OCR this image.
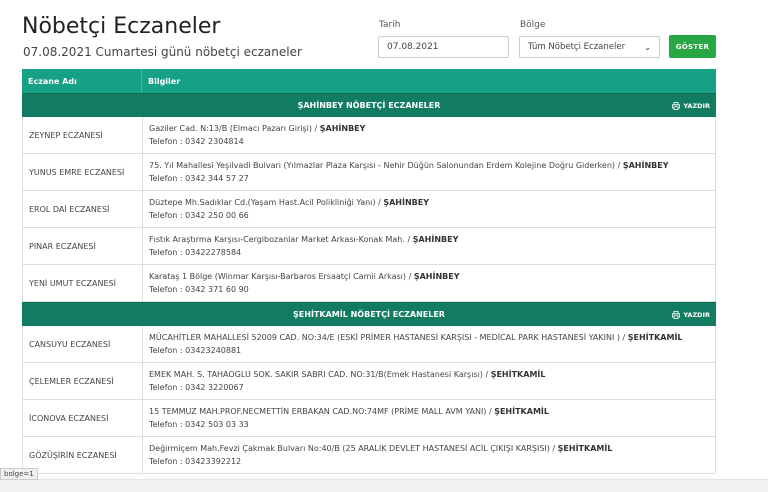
Nöbetçi Eczaneler
07.08.2021 Cumartesi günü nöbetçi eczaneler
Tarih
07.08.2021	Bölge
Tüm Nöbetçi Eczaneler ⌄	GÖSTER
Eczane Adı	Bilgiler
ŞAHİNBEY NÖBETÇİ ECZANELER	YAZDIR
ZEYNEP ECZANESİ
Gaziler Cad. N:13/B (Elmacı Pazarı Girişi) / ŞAHİNBEY
Telefon : 0342 2304814
YUNUS EMRE ECZANESİ
75. Yıl Mahallesi Yeşilvadi Bulvarı (Yılmazlar Plaza Karşısı - Nehir Düğün Salonundan Erdem Kolejine Doğru Giderken) / ŞAHİNBEY
Telefon : 0342 344 57 27
EROL DAİ ECZANESİ
Düztepe Mh.Sadıklar Cd.(Yaşam Hast.Acil Polikliniği Yanı) / ŞAHİNBEY
Telefon : 0342 250 00 66
PINAR ECZANESİ
Fıstık Araştırma Karşısı-Cergibozanlar Market Arkası-Konak Mah. / ŞAHİNBEY
Telefon : 03422278584
YENİ UMUT ECZANESİ
Karataş 1 Bölge (Winmar Karşısı-Barbaros Ersaatçi Camii Arkası) / ŞAHİNBEY
Telefon : 0342 371 60 90
ŞEHİTKAMİL NÖBETÇİ ECZANELER	YAZDIR
CANSUYU ECZANESİ
MÜCAHİTLER MAHALLESİ 52009 CAD. NO:34/E (ESKİ PRİMER HASTANESİ KARŞISI - MEDİCAL PARK HASTANESİ YAKINI ) / ŞEHİTKAMİL
Telefon : 03423240881
ÇELEMLER ECZANESİ
EMEK MAH. S. TAHAOGLU SOK. SAKIR SABRI CAD. NO:31/B(Emek Hastanesi Karşısı) / ŞEHİTKAMİL
Telefon : 0342 3220067
İCONOVA ECZANESİ
15 TEMMUZ MAH.PROF.NECMETTİN ERBAKAN CAD.NO:74MF (PRİME MALL AVM YANI) / ŞEHİTKAMİL
Telefon : 0342 503 03 33
GÖZÜŞİRİN ECZANESİ
Değirmiçem Mah.Fevzi Çakmak Bulvarı No:40/B (25 ARALIK DEVLET HASTANESİ ACİL ÇIKIŞI KARŞISI) / ŞEHİTKAMİL
Telefon : 03423392212
bolge=1
